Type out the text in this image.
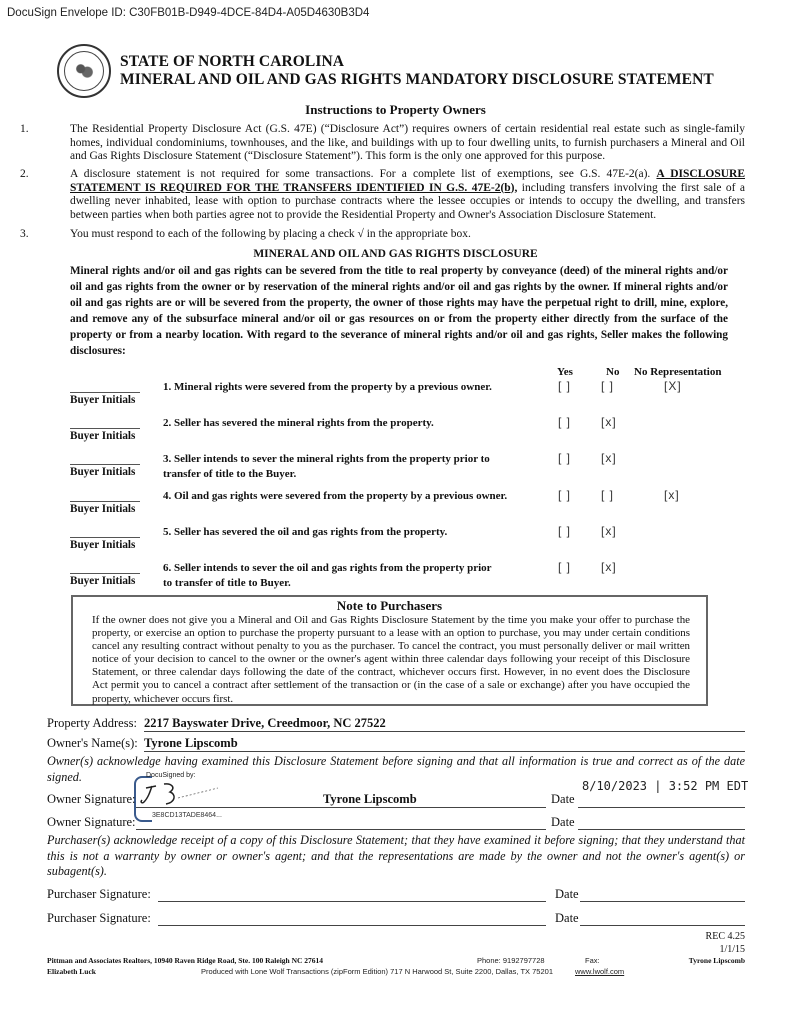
DocuSign Envelope ID: C30FB01B-D949-4DCE-84D4-A05D4630B3D4
STATE OF NORTH CAROLINA
MINERAL AND OIL AND GAS RIGHTS MANDATORY DISCLOSURE STATEMENT
Instructions to Property Owners
1.	The Residential Property Disclosure Act (G.S. 47E) (“Disclosure Act”) requires owners of certain residential real estate such as single-family homes, individual condominiums, townhouses, and the like, and buildings with up to four dwelling units, to furnish purchasers a Mineral and Oil and Gas Rights Disclosure Statement (“Disclosure Statement”). This form is the only one approved for this purpose.
2.	A disclosure statement is not required for some transactions. For a complete list of exemptions, see G.S. 47E-2(a). A DISCLOSURE STATEMENT IS REQUIRED FOR THE TRANSFERS IDENTIFIED IN G.S. 47E-2(b), including transfers involving the first sale of a dwelling never inhabited, lease with option to purchase contracts where the lessee occupies or intends to occupy the dwelling, and transfers between parties when both parties agree not to provide the Residential Property and Owner's Association Disclosure Statement.
3.	You must respond to each of the following by placing a check √ in the appropriate box.
MINERAL AND OIL AND GAS RIGHTS DISCLOSURE
Mineral rights and/or oil and gas rights can be severed from the title to real property by conveyance (deed) of the mineral rights and/or oil and gas rights from the owner or by reservation of the mineral rights and/or oil and gas rights by the owner. If mineral rights and/or oil and gas rights are or will be severed from the property, the owner of those rights may have the perpetual right to drill, mine, explore, and remove any of the subsurface mineral and/or oil or gas resources on or from the property either directly from the surface of the property or from a nearby location. With regard to the severance of mineral rights and/or oil and gas rights, Seller makes the following disclosures:
Yes	No No Representation
Buyer Initials
1. Mineral rights were severed from the property by a previous owner.	[ ] [ ]	[X]
Buyer Initials
2. Seller has severed the mineral rights from the property.	[ ] [x]
Buyer Initials
3. Seller intends to sever the mineral rights from the property prior to
transfer of title to the Buyer.
[ ] [x]
Buyer Initials
4. Oil and gas rights were severed from the property by a previous owner.	[ ] [ ]	[x]
Buyer Initials
5. Seller has severed the oil and gas rights from the property.	[ ] [x]
Buyer Initials
6. Seller intends to sever the oil and gas rights from the property prior
to transfer of title to Buyer.
[ ] [x]
Note to Purchasers
If the owner does not give you a Mineral and Oil and Gas Rights Disclosure Statement by the time you make your offer to purchase the property, or exercise an option to purchase the property pursuant to a lease with an option to purchase, you may under certain conditions cancel any resulting contract without penalty to you as the purchaser. To cancel the contract, you must personally deliver or mail written notice of your decision to cancel to the owner or the owner's agent within three calendar days following your receipt of this Disclosure Statement, or three calendar days following the date of the contract, whichever occurs first. However, in no event does the Disclosure Act permit you to cancel a contract after settlement of the transaction or (in the case of a sale or exchange) after you have occupied the property, whichever occurs first.
Property Address: 2217 Bayswater Drive, Creedmoor, NC 27522
Owner's Name(s): Tyrone Lipscomb
Owner(s) acknowledge having examined this Disclosure Statement before signing and that all information is true and correct as of the date signed.	DocuSigned by:
3E8CD13TADE8464...
Owner Signature:	Tyrone Lipscomb	Date
8/10/2023 | 3:52 PM EDT
Owner Signature:	Date
Purchaser(s) acknowledge receipt of a copy of this Disclosure Statement; that they have examined it before signing; that they understand that this is not a warranty by owner or owner's agent; and that the representations are made by the owner and not the owner's agent(s) or subagent(s).
Purchaser Signature:	Date
Purchaser Signature:	Date
REC 4.25
1/1/15
Pittman and Associates Realtors, 10940 Raven Ridge Road, Ste. 100 Raleigh NC 27614
Elizabeth Luck
Phone: 9192797728	Fax:	Tyrone Lipscomb
Produced with Lone Wolf Transactions (zipForm Edition) 717 N Harwood St, Suite 2200, Dallas, TX 75201	www.lwolf.com
